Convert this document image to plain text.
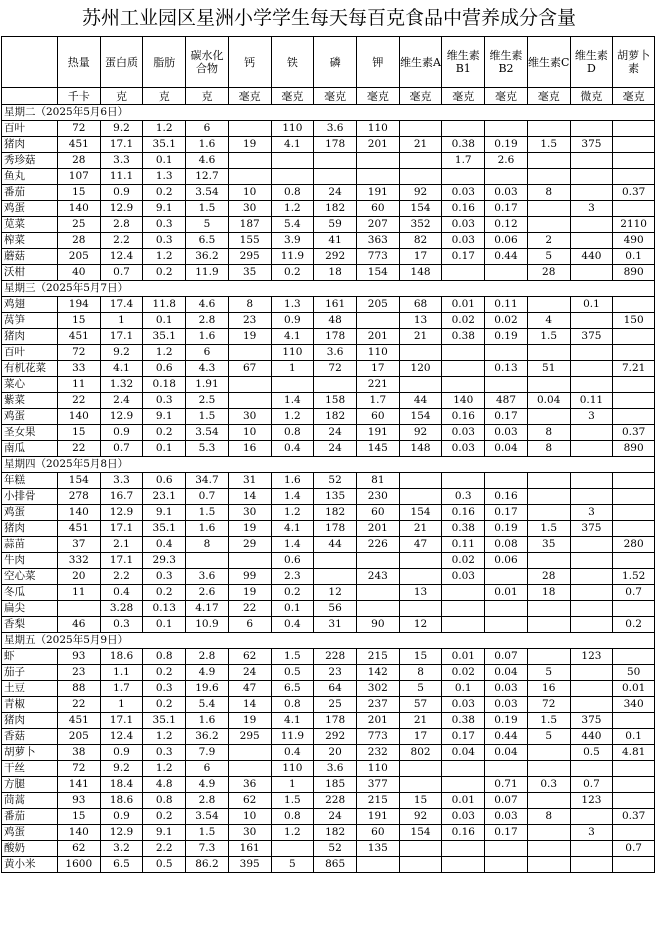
苏州工业园区星洲小学学生每天每百克食品中营养成分含量
	热量	蛋白质	脂肪	碳水化合物	钙	铁	磷	钾	维生素A	维生素B1	维生素B2	维生素C	维生素D	胡萝卜素
	千卡	克	克	克	毫克	毫克	毫克	毫克	毫克	毫克	毫克	毫克	微克	毫克
星期二（2025年5月6日）														
百叶	72	9.2	1.2	6		110	3.6	110						
猪肉	451	17.1	35.1	1.6	19	4.1	178	201	21	0.38	0.19	1.5	375	
秀珍菇	28	3.3	0.1	4.6						1.7	2.6			
鱼丸	107	11.1	1.3	12.7										
番茄	15	0.9	0.2	3.54	10	0.8	24	191	92	0.03	0.03	8		0.37
鸡蛋	140	12.9	9.1	1.5	30	1.2	182	60	154	0.16	0.17		3	
苋菜	25	2.8	0.3	5	187	5.4	59	207	352	0.03	0.12			2110
榨菜	28	2.2	0.3	6.5	155	3.9	41	363	82	0.03	0.06	2		490
蘑菇	205	12.4	1.2	36.2	295	11.9	292	773	17	0.17	0.44	5	440	0.1
沃柑	40	0.7	0.2	11.9	35	0.2	18	154	148			28		890
星期三（2025年5月7日）														
鸡翅	194	17.4	11.8	4.6	8	1.3	161	205	68	0.01	0.11		0.1	
莴笋	15	1	0.1	2.8	23	0.9	48		13	0.02	0.02	4		150
猪肉	451	17.1	35.1	1.6	19	4.1	178	201	21	0.38	0.19	1.5	375	
百叶	72	9.2	1.2	6		110	3.6	110						
有机花菜	33	4.1	0.6	4.3	67	1	72	17	120		0.13	51		7.21
菜心	11	1.32	0.18	1.91				221						
紫菜	22	2.4	0.3	2.5		1.4	158	1.7	44	140	487	0.04	0.11	
鸡蛋	140	12.9	9.1	1.5	30	1.2	182	60	154	0.16	0.17		3	
圣女果	15	0.9	0.2	3.54	10	0.8	24	191	92	0.03	0.03	8		0.37
南瓜	22	0.7	0.1	5.3	16	0.4	24	145	148	0.03	0.04	8		890
星期四（2025年5月8日）														
年糕	154	3.3	0.6	34.7	31	1.6	52	81						
小排骨	278	16.7	23.1	0.7	14	1.4	135	230		0.3	0.16			
鸡蛋	140	12.9	9.1	1.5	30	1.2	182	60	154	0.16	0.17		3	
猪肉	451	17.1	35.1	1.6	19	4.1	178	201	21	0.38	0.19	1.5	375	
蒜苗	37	2.1	0.4	8	29	1.4	44	226	47	0.11	0.08	35		280
牛肉	332	17.1	29.3			0.6				0.02	0.06			
空心菜	20	2.2	0.3	3.6	99	2.3		243		0.03		28		1.52
冬瓜	11	0.4	0.2	2.6	19	0.2	12		13		0.01	18		0.7
扁尖		3.28	0.13	4.17	22	0.1	56							
香梨	46	0.3	0.1	10.9	6	0.4	31	90	12					0.2
星期五（2025年5月9日）														
虾	93	18.6	0.8	2.8	62	1.5	228	215	15	0.01	0.07		123	
茄子	23	1.1	0.2	4.9	24	0.5	23	142	8	0.02	0.04	5		50
土豆	88	1.7	0.3	19.6	47	6.5	64	302	5	0.1	0.03	16		0.01
青椒	22	1	0.2	5.4	14	0.8	25	237	57	0.03	0.03	72		340
猪肉	451	17.1	35.1	1.6	19	4.1	178	201	21	0.38	0.19	1.5	375	
香菇	205	12.4	1.2	36.2	295	11.9	292	773	17	0.17	0.44	5	440	0.1
胡萝卜	38	0.9	0.3	7.9		0.4	20	232	802	0.04	0.04		0.5	4.81
干丝	72	9.2	1.2	6		110	3.6	110						
方腿	141	18.4	4.8	4.9	36	1	185	377			0.71	0.3	0.7	
茼蒿	93	18.6	0.8	2.8	62	1.5	228	215	15	0.01	0.07		123	
番茄	15	0.9	0.2	3.54	10	0.8	24	191	92	0.03	0.03	8		0.37
鸡蛋	140	12.9	9.1	1.5	30	1.2	182	60	154	0.16	0.17		3	
酸奶	62	3.2	2.2	7.3	161		52	135						0.7
黄小米	1600	6.5	0.5	86.2	395	5	865							
